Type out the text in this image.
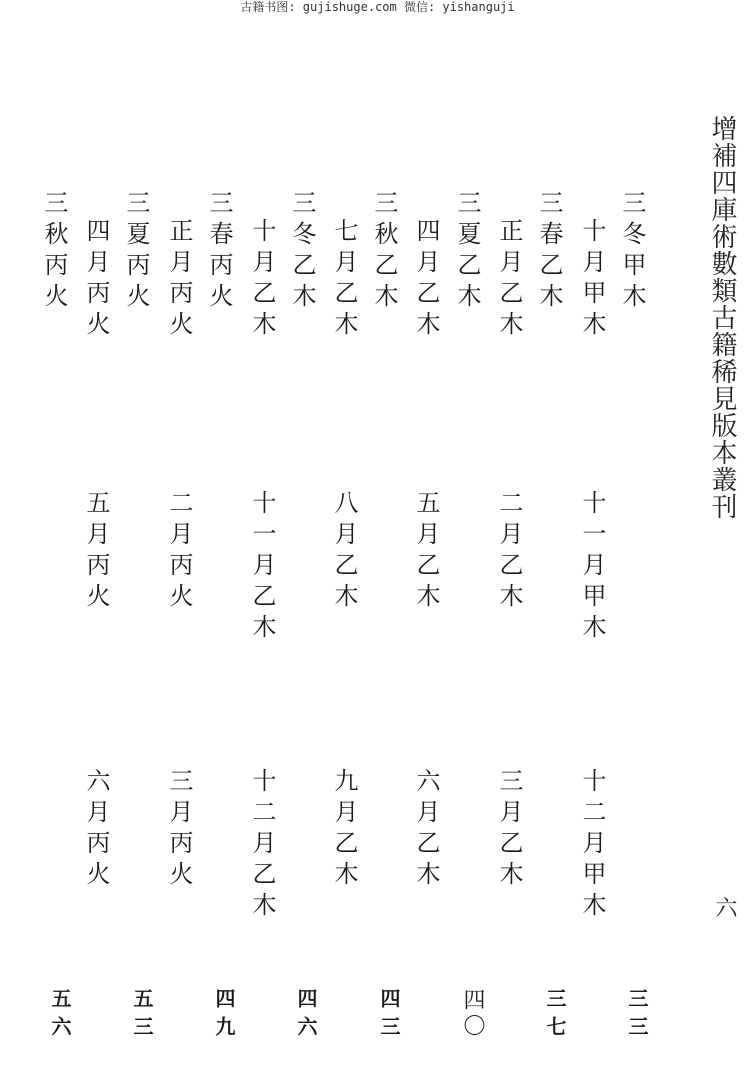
古籍书图: gujishuge.com 微信: yishanguji
增補四庫術數類古籍稀見版本叢刊
六
三冬甲木
三三
十月甲木
十一月甲木
十二月甲木
三七
三春乙木
正月乙木
二月乙木
三月乙木
四〇
三夏乙木
四月乙木
五月乙木
六月乙木
四三
三秋乙木
七月乙木
八月乙木
九月乙木
四六
三冬乙木
十月乙木
十一月乙木
十二月乙木
四九
三春丙火
正月丙火
二月丙火
三月丙火
五三
三夏丙火
四月丙火
五月丙火
六月丙火
五六
三秋丙火
